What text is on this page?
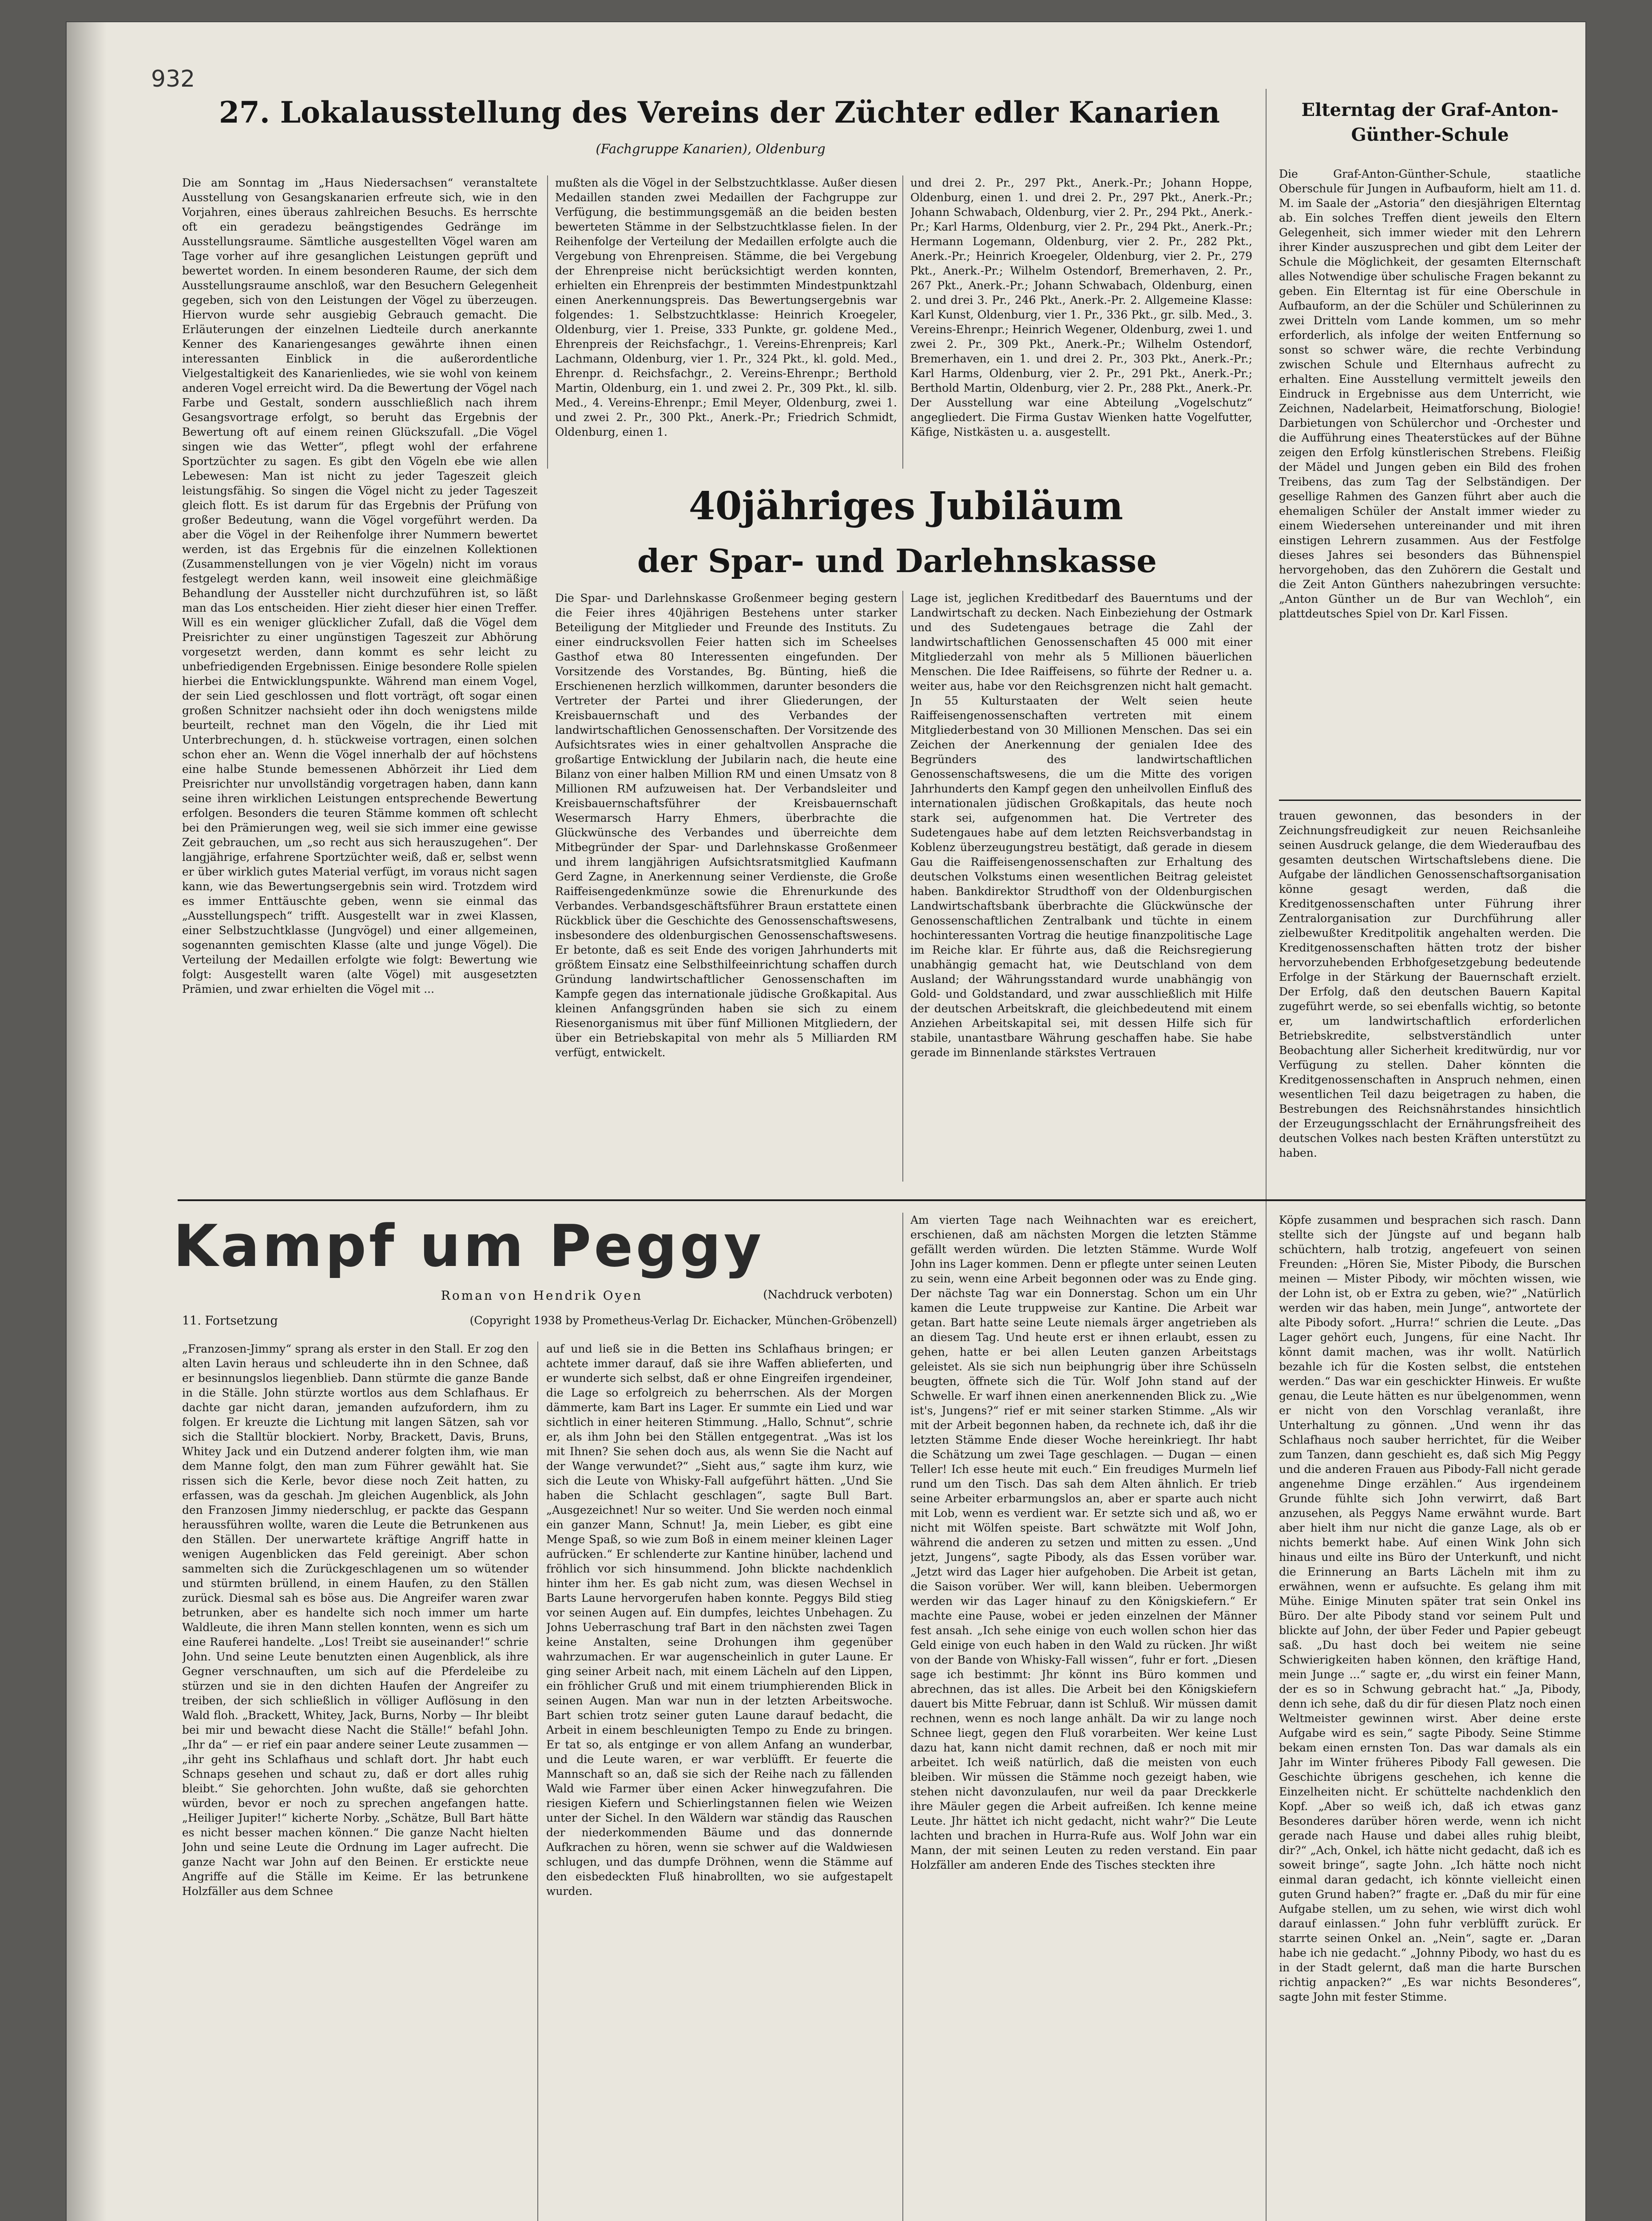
932
27. Lokalausstellung des Vereins der Züchter edler Kanarien
(Fachgruppe Kanarien), Oldenburg
Die am Sonntag im „Haus Niedersachsen“ veranstaltete Ausstellung von Gesangskanarien erfreute sich, wie in den Vorjahren, eines überaus zahlreichen Besuchs. Es herrschte oft ein geradezu beängstigendes Gedränge im Ausstellungsraume. Sämtliche ausgestellten Vögel waren am Tage vorher auf ihre gesanglichen Leistungen geprüft und bewertet worden. In einem besonderen Raume, der sich dem Ausstellungsraume anschloß, war den Besuchern Gelegenheit gegeben, sich von den Leistungen der Vögel zu überzeugen. Hiervon wurde sehr ausgiebig Gebrauch gemacht. Die Erläuterungen der einzelnen Liedteile durch anerkannte Kenner des Kanariengesanges gewährte ihnen einen interessanten Einblick in die außerordentliche Vielgestaltigkeit des Kanarienliedes, wie sie wohl von keinem anderen Vogel erreicht wird. Da die Bewertung der Vögel nach Farbe und Gestalt, sondern ausschließlich nach ihrem Gesangsvortrage erfolgt, so beruht das Ergebnis der Bewertung oft auf einem reinen Glückszufall. „Die Vögel singen wie das Wetter“, pflegt wohl der erfahrene Sportzüchter zu sagen. Es gibt den Vögeln ebe wie allen Lebewesen: Man ist nicht zu jeder Tageszeit gleich leistungsfähig. So singen die Vögel nicht zu jeder Tageszeit gleich flott. Es ist darum für das Ergebnis der Prüfung von großer Bedeutung, wann die Vögel vorgeführt werden. Da aber die Vögel in der Reihenfolge ihrer Nummern bewertet werden, ist das Ergebnis für die einzelnen Kollektionen (Zusammenstellungen von je vier Vögeln) nicht im voraus festgelegt werden kann, weil insoweit eine gleichmäßige Behandlung der Aussteller nicht durchzuführen ist, so läßt man das Los entscheiden. Hier zieht dieser hier einen Treffer. Will es ein weniger glücklicher Zufall, daß die Vögel dem Preisrichter zu einer ungünstigen Tageszeit zur Abhörung vorgesetzt werden, dann kommt es sehr leicht zu unbefriedigenden Ergebnissen. Einige besondere Rolle spielen hierbei die Entwicklungspunkte. Während man einem Vogel, der sein Lied geschlossen und flott vorträgt, oft sogar einen großen Schnitzer nachsieht oder ihn doch wenigstens milde beurteilt, rechnet man den Vögeln, die ihr Lied mit Unterbrechungen, d. h. stückweise vortragen, einen solchen schon eher an. Wenn die Vögel innerhalb der auf höchstens eine halbe Stunde bemessenen Abhörzeit ihr Lied dem Preisrichter nur unvollständig vorgetragen haben, dann kann seine ihren wirklichen Leistungen entsprechende Bewertung erfolgen. Besonders die teuren Stämme kommen oft schlecht bei den Prämierungen weg, weil sie sich immer eine gewisse Zeit gebrauchen, um „so recht aus sich herauszugehen“. Der langjährige, erfahrene Sportzüchter weiß, daß er, selbst wenn er über wirklich gutes Material verfügt, im voraus nicht sagen kann, wie das Bewertungsergebnis sein wird. Trotzdem wird es immer Enttäuschte geben, wenn sie einmal das „Ausstellungspech“ trifft. Ausgestellt war in zwei Klassen, einer Selbstzuchtklasse (Jungvögel) und einer allgemeinen, sogenannten gemischten Klasse (alte und junge Vögel). Die Verteilung der Medaillen erfolgte wie folgt: Bewertung wie folgt: Ausgestellt waren (alte Vögel) mit ausgesetzten Prämien, und zwar erhielten die Vögel mit ...
mußten als die Vögel in der Selbstzuchtklasse. Außer diesen Medaillen standen zwei Medaillen der Fachgruppe zur Verfügung, die bestimmungsgemäß an die beiden besten bewerteten Stämme in der Selbstzuchtklasse fielen. In der Reihenfolge der Verteilung der Medaillen erfolgte auch die Vergebung von Ehrenpreisen. Stämme, die bei Vergebung der Ehrenpreise nicht berücksichtigt werden konnten, erhielten ein Ehrenpreis der bestimmten Mindestpunktzahl einen Anerkennungspreis. Das Bewertungsergebnis war folgendes: 1. Selbstzuchtklasse: Heinrich Kroegeler, Oldenburg, vier 1. Preise, 333 Punkte, gr. goldene Med., Ehrenpreis der Reichsfachgr., 1. Vereins-Ehrenpreis; Karl Lachmann, Oldenburg, vier 1. Pr., 324 Pkt., kl. gold. Med., Ehrenpr. d. Reichsfachgr., 2. Vereins-Ehrenpr.; Berthold Martin, Oldenburg, ein 1. und zwei 2. Pr., 309 Pkt., kl. silb. Med., 4. Vereins-Ehrenpr.; Emil Meyer, Oldenburg, zwei 1. und zwei 2. Pr., 300 Pkt., Anerk.-Pr.; Friedrich Schmidt, Oldenburg, einen 1.
und drei 2. Pr., 297 Pkt., Anerk.-Pr.; Johann Hoppe, Oldenburg, einen 1. und drei 2. Pr., 297 Pkt., Anerk.-Pr.; Johann Schwabach, Oldenburg, vier 2. Pr., 294 Pkt., Anerk.-Pr.; Karl Harms, Oldenburg, vier 2. Pr., 294 Pkt., Anerk.-Pr.; Hermann Logemann, Oldenburg, vier 2. Pr., 282 Pkt., Anerk.-Pr.; Heinrich Kroegeler, Oldenburg, vier 2. Pr., 279 Pkt., Anerk.-Pr.; Wilhelm Ostendorf, Bremerhaven, 2. Pr., 267 Pkt., Anerk.-Pr.; Johann Schwabach, Oldenburg, einen 2. und drei 3. Pr., 246 Pkt., Anerk.-Pr. 2. Allgemeine Klasse: Karl Kunst, Oldenburg, vier 1. Pr., 336 Pkt., gr. silb. Med., 3. Vereins-Ehrenpr.; Heinrich Wegener, Oldenburg, zwei 1. und zwei 2. Pr., 309 Pkt., Anerk.-Pr.; Wilhelm Ostendorf, Bremerhaven, ein 1. und drei 2. Pr., 303 Pkt., Anerk.-Pr.; Karl Harms, Oldenburg, vier 2. Pr., 291 Pkt., Anerk.-Pr.; Berthold Martin, Oldenburg, vier 2. Pr., 288 Pkt., Anerk.-Pr. Der Ausstellung war eine Abteilung „Vogelschutz“ angegliedert. Die Firma Gustav Wienken hatte Vogelfutter, Käfige, Nistkästen u. a. ausgestellt.
Elterntag der Graf-Anton-Günther-Schule
Die Graf-Anton-Günther-Schule, staatliche Oberschule für Jungen in Aufbauform, hielt am 11. d. M. im Saale der „Astoria“ den diesjährigen Elterntag ab. Ein solches Treffen dient jeweils den Eltern Gelegenheit, sich immer wieder mit den Lehrern ihrer Kinder auszusprechen und gibt dem Leiter der Schule die Möglichkeit, der gesamten Elternschaft alles Notwendige über schulische Fragen bekannt zu geben. Ein Elterntag ist für eine Oberschule in Aufbauform, an der die Schüler und Schülerinnen zu zwei Dritteln vom Lande kommen, um so mehr erforderlich, als infolge der weiten Entfernung so sonst so schwer wäre, die rechte Verbindung zwischen Schule und Elternhaus aufrecht zu erhalten. Eine Ausstellung vermittelt jeweils den Eindruck in Ergebnisse aus dem Unterricht, wie Zeichnen, Nadelarbeit, Heimatforschung, Biologie! Darbietungen von Schülerchor und -Orchester und die Aufführung eines Theaterstückes auf der Bühne zeigen den Erfolg künstlerischen Strebens. Fleißig der Mädel und Jungen geben ein Bild des frohen Treibens, das zum Tag der Selbständigen. Der gesellige Rahmen des Ganzen führt aber auch die ehemaligen Schüler der Anstalt immer wieder zu einem Wiedersehen untereinander und mit ihren einstigen Lehrern zusammen. Aus der Festfolge dieses Jahres sei besonders das Bühnenspiel hervorgehoben, das den Zuhörern die Gestalt und die Zeit Anton Günthers nahezubringen versuchte: „Anton Günther un de Bur van Wechloh“, ein plattdeutsches Spiel von Dr. Karl Fissen.
40jähriges Jubiläum
der Spar- und Darlehnskasse
Die Spar- und Darlehnskasse Großenmeer beging gestern die Feier ihres 40jährigen Bestehens unter starker Beteiligung der Mitglieder und Freunde des Instituts. Zu einer eindrucksvollen Feier hatten sich im Scheelses Gasthof etwa 80 Interessenten eingefunden. Der Vorsitzende des Vorstandes, Bg. Bünting, hieß die Erschienenen herzlich willkommen, darunter besonders die Vertreter der Partei und ihrer Gliederungen, der Kreisbauernschaft und des Verbandes der landwirtschaftlichen Genossenschaften. Der Vorsitzende des Aufsichtsrates wies in einer gehaltvollen Ansprache die großartige Entwicklung der Jubilarin nach, die heute eine Bilanz von einer halben Million RM und einen Umsatz von 8 Millionen RM aufzuweisen hat. Der Verbandsleiter und Kreisbauernschaftsführer der Kreisbauernschaft Wesermarsch Harry Ehmers, überbrachte die Glückwünsche des Verbandes und überreichte dem Mitbegründer der Spar- und Darlehnskasse Großenmeer und ihrem langjährigen Aufsichtsratsmitglied Kaufmann Gerd Zagne, in Anerkennung seiner Verdienste, die Große Raiffeisengedenkmünze sowie die Ehrenurkunde des Verbandes. Verbandsgeschäftsführer Braun erstattete einen Rückblick über die Geschichte des Genossenschaftswesens, insbesondere des oldenburgischen Genossenschaftswesens. Er betonte, daß es seit Ende des vorigen Jahrhunderts mit größtem Einsatz eine Selbsthilfeeinrichtung schaffen durch Gründung landwirtschaftlicher Genossenschaften im Kampfe gegen das internationale jüdische Großkapital. Aus kleinen Anfangsgründen haben sie sich zu einem Riesenorganismus mit über fünf Millionen Mitgliedern, der über ein Betriebskapital von mehr als 5 Milliarden RM verfügt, entwickelt.
Lage ist, jeglichen Kreditbedarf des Bauerntums und der Landwirtschaft zu decken. Nach Einbeziehung der Ostmark und des Sudetengaues betrage die Zahl der landwirtschaftlichen Genossenschaften 45 000 mit einer Mitgliederzahl von mehr als 5 Millionen bäuerlichen Menschen. Die Idee Raiffeisens, so führte der Redner u. a. weiter aus, habe vor den Reichsgrenzen nicht halt gemacht. Jn 55 Kulturstaaten der Welt seien heute Raiffeisengenossenschaften vertreten mit einem Mitgliederbestand von 30 Millionen Menschen. Das sei ein Zeichen der Anerkennung der genialen Idee des Begründers des landwirtschaftlichen Genossenschaftswesens, die um die Mitte des vorigen Jahrhunderts den Kampf gegen den unheilvollen Einfluß des internationalen jüdischen Großkapitals, das heute noch stark sei, aufgenommen hat. Die Vertreter des Sudetengaues habe auf dem letzten Reichsverbandstag in Koblenz überzeugungstreu bestätigt, daß gerade in diesem Gau die Raiffeisengenossenschaften zur Erhaltung des deutschen Volkstums einen wesentlichen Beitrag geleistet haben. Bankdirektor Strudthoff von der Oldenburgischen Landwirtschaftsbank überbrachte die Glückwünsche der Genossenschaftlichen Zentralbank und tüchte in einem hochinteressanten Vortrag die heutige finanzpolitische Lage im Reiche klar. Er führte aus, daß die Reichsregierung unabhängig gemacht hat, wie Deutschland von dem Ausland; der Währungsstandard wurde unabhängig von Gold- und Goldstandard, und zwar ausschließlich mit Hilfe der deutschen Arbeitskraft, die gleichbedeutend mit einem Anziehen Arbeitskapital sei, mit dessen Hilfe sich für stabile, unantastbare Währung geschaffen habe. Sie habe gerade im Binnenlande stärkstes Vertrauen
trauen gewonnen, das besonders in der Zeichnungsfreudigkeit zur neuen Reichsanleihe seinen Ausdruck gelange, die dem Wiederaufbau des gesamten deutschen Wirtschaftslebens diene. Die Aufgabe der ländlichen Genossenschaftsorganisation könne gesagt werden, daß die Kreditgenossenschaften unter Führung ihrer Zentralorganisation zur Durchführung aller zielbewußter Kreditpolitik angehalten werden. Die Kreditgenossenschaften hätten trotz der bisher hervorzuhebenden Erbhofgesetzgebung bedeutende Erfolge in der Stärkung der Bauernschaft erzielt. Der Erfolg, daß den deutschen Bauern Kapital zugeführt werde, so sei ebenfalls wichtig, so betonte er, um landwirtschaftlich erforderlichen Betriebskredite, selbstverständlich unter Beobachtung aller Sicherheit kreditwürdig, nur vor Verfügung zu stellen. Daher könnten die Kreditgenossenschaften in Anspruch nehmen, einen wesentlichen Teil dazu beigetragen zu haben, die Bestrebungen des Reichsnährstandes hinsichtlich der Erzeugungsschlacht der Ernährungsfreiheit des deutschen Volkes nach besten Kräften unterstützt zu haben.
Kampf um Peggy
Roman von Hendrik Oyen	(Nachdruck verboten)
11. Fortsetzung	(Copyright 1938 by Prometheus-Verlag Dr. Eichacker, München-Gröbenzell)
„Franzosen-Jimmy“ sprang als erster in den Stall. Er zog den alten Lavin heraus und schleuderte ihn in den Schnee, daß er besinnungslos liegenblieb. Dann stürmte die ganze Bande in die Ställe. John stürzte wortlos aus dem Schlafhaus. Er dachte gar nicht daran, jemanden aufzufordern, ihm zu folgen. Er kreuzte die Lichtung mit langen Sätzen, sah vor sich die Stalltür blockiert. Norby, Brackett, Davis, Bruns, Whitey Jack und ein Dutzend anderer folgten ihm, wie man dem Manne folgt, den man zum Führer gewählt hat. Sie rissen sich die Kerle, bevor diese noch Zeit hatten, zu erfassen, was da geschah. Jm gleichen Augenblick, als John den Franzosen Jimmy niederschlug, er packte das Gespann heraussführen wollte, waren die Leute die Betrunkenen aus den Ställen. Der unerwartete kräftige Angriff hatte in wenigen Augenblicken das Feld gereinigt. Aber schon sammelten sich die Zurückgeschlagenen um so wütender und stürmten brüllend, in einem Haufen, zu den Ställen zurück. Diesmal sah es böse aus. Die Angreifer waren zwar betrunken, aber es handelte sich noch immer um harte Waldleute, die ihren Mann stellen konnten, wenn es sich um eine Rauferei handelte. „Los! Treibt sie auseinander!“ schrie John. Und seine Leute benutzten einen Augenblick, als ihre Gegner verschnauften, um sich auf die Pferdeleibe zu stürzen und sie in den dichten Haufen der Angreifer zu treiben, der sich schließlich in völliger Auflösung in den Wald floh. „Brackett, Whitey, Jack, Burns, Norby — Ihr bleibt bei mir und bewacht diese Nacht die Ställe!“ befahl John. „Ihr da“ — er rief ein paar andere seiner Leute zusammen — „ihr geht ins Schlafhaus und schlaft dort. Jhr habt euch Schnaps gesehen und schaut zu, daß er dort alles ruhig bleibt.“ Sie gehorchten. John wußte, daß sie gehorchten würden, bevor er noch zu sprechen angefangen hatte. „Heiliger Jupiter!“ kicherte Norby. „Schätze, Bull Bart hätte es nicht besser machen können.“ Die ganze Nacht hielten John und seine Leute die Ordnung im Lager aufrecht. Die ganze Nacht war John auf den Beinen. Er erstickte neue Angriffe auf die Ställe im Keime. Er las betrunkene Holzfäller aus dem Schnee
auf und ließ sie in die Betten ins Schlafhaus bringen; er achtete immer darauf, daß sie ihre Waffen ablieferten, und er wunderte sich selbst, daß er ohne Eingreifen irgendeiner, die Lage so erfolgreich zu beherrschen. Als der Morgen dämmerte, kam Bart ins Lager. Er summte ein Lied und war sichtlich in einer heiteren Stimmung. „Hallo, Schnut“, schrie er, als ihm John bei den Ställen entgegentrat. „Was ist los mit Ihnen? Sie sehen doch aus, als wenn Sie die Nacht auf der Wange verwundet?“ „Sieht aus,“ sagte ihm kurz, wie sich die Leute von Whisky-Fall aufgeführt hätten. „Und Sie haben die Schlacht geschlagen“, sagte Bull Bart. „Ausgezeichnet! Nur so weiter. Und Sie werden noch einmal ein ganzer Mann, Schnut! Ja, mein Lieber, es gibt eine Menge Spaß, so wie zum Boß in einem meiner kleinen Lager aufrücken.“ Er schlenderte zur Kantine hinüber, lachend und fröhlich vor sich hinsummend. John blickte nachdenklich hinter ihm her. Es gab nicht zum, was diesen Wechsel in Barts Laune hervorgerufen haben konnte. Peggys Bild stieg vor seinen Augen auf. Ein dumpfes, leichtes Unbehagen. Zu Johns Ueberraschung traf Bart in den nächsten zwei Tagen keine Anstalten, seine Drohungen ihm gegenüber wahrzumachen. Er war augenscheinlich in guter Laune. Er ging seiner Arbeit nach, mit einem Lächeln auf den Lippen, ein fröhlicher Gruß und mit einem triumphierenden Blick in seinen Augen. Man war nun in der letzten Arbeitswoche. Bart schien trotz seiner guten Laune darauf bedacht, die Arbeit in einem beschleunigten Tempo zu Ende zu bringen. Er tat so, als entginge er von allem Anfang an wunderbar, und die Leute waren, er war verblüfft. Er feuerte die Mannschaft so an, daß sie sich der Reihe nach zu fällenden Wald wie Farmer über einen Acker hinwegzufahren. Die riesigen Kiefern und Schierlingstannen fielen wie Weizen unter der Sichel. In den Wäldern war ständig das Rauschen der niederkommenden Bäume und das donnernde Aufkrachen zu hören, wenn sie schwer auf die Waldwiesen schlugen, und das dumpfe Dröhnen, wenn die Stämme auf den eisbedeckten Fluß hinabrollten, wo sie aufgestapelt wurden.
Am vierten Tage nach Weihnachten war es ereichert, erschienen, daß am nächsten Morgen die letzten Stämme gefällt werden würden. Die letzten Stämme. Wurde Wolf John ins Lager kommen. Denn er pflegte unter seinen Leuten zu sein, wenn eine Arbeit begonnen oder was zu Ende ging. Der nächste Tag war ein Donnerstag. Schon um ein Uhr kamen die Leute truppweise zur Kantine. Die Arbeit war getan. Bart hatte seine Leute niemals ärger angetrieben als an diesem Tag. Und heute erst er ihnen erlaubt, essen zu gehen, hatte er bei allen Leuten ganzen Arbeitstags geleistet. Als sie sich nun beiphungrig über ihre Schüsseln beugten, öffnete sich die Tür. Wolf John stand auf der Schwelle. Er warf ihnen einen anerkennenden Blick zu. „Wie ist's, Jungens?“ rief er mit seiner starken Stimme. „Als wir mit der Arbeit begonnen haben, da rechnete ich, daß ihr die letzten Stämme Ende dieser Woche hereinkriegt. Ihr habt die Schätzung um zwei Tage geschlagen. — Dugan — einen Teller! Ich esse heute mit euch.“ Ein freudiges Murmeln lief rund um den Tisch. Das sah dem Alten ähnlich. Er trieb seine Arbeiter erbarmungslos an, aber er sparte auch nicht mit Lob, wenn es verdient war. Er setzte sich und aß, wo er nicht mit Wölfen speiste. Bart schwätzte mit Wolf John, während die anderen zu setzen und mitten zu essen. „Und jetzt, Jungens“, sagte Pibody, als das Essen vorüber war. „Jetzt wird das Lager hier aufgehoben. Die Arbeit ist getan, die Saison vorüber. Wer will, kann bleiben. Uebermorgen werden wir das Lager hinauf zu den Königskiefern.“ Er machte eine Pause, wobei er jeden einzelnen der Männer fest ansah. „Ich sehe einige von euch wollen schon hier das Geld einige von euch haben in den Wald zu rücken. Jhr wißt von der Bande von Whisky-Fall wissen“, fuhr er fort. „Diesen sage ich bestimmt: Jhr könnt ins Büro kommen und abrechnen, das ist alles. Die Arbeit bei den Königskiefern dauert bis Mitte Februar, dann ist Schluß. Wir müssen damit rechnen, wenn es noch lange anhält. Da wir zu lange noch Schnee liegt, gegen den Fluß vorarbeiten. Wer keine Lust dazu hat, kann nicht damit rechnen, daß er noch mit mir arbeitet. Ich weiß natürlich, daß die meisten von euch bleiben. Wir müssen die Stämme noch gezeigt haben, wie stehen nicht davonzulaufen, nur weil da paar Dreckkerle ihre Mäuler gegen die Arbeit aufreißen. Ich kenne meine Leute. Jhr hättet ich nicht gedacht, nicht wahr?“ Die Leute lachten und brachen in Hurra-Rufe aus. Wolf John war ein Mann, der mit seinen Leuten zu reden verstand. Ein paar Holzfäller am anderen Ende des Tisches steckten ihre
Köpfe zusammen und besprachen sich rasch. Dann stellte sich der Jüngste auf und begann halb schüchtern, halb trotzig, angefeuert von seinen Freunden: „Hören Sie, Mister Pibody, die Burschen meinen — Mister Pibody, wir möchten wissen, wie der Lohn ist, ob er Extra zu geben, wie?“ „Natürlich werden wir das haben, mein Junge“, antwortete der alte Pibody sofort. „Hurra!“ schrien die Leute. „Das Lager gehört euch, Jungens, für eine Nacht. Ihr könnt damit machen, was ihr wollt. Natürlich bezahle ich für die Kosten selbst, die entstehen werden.“ Das war ein geschickter Hinweis. Er wußte genau, die Leute hätten es nur übelgenommen, wenn er nicht von den Vorschlag veranlaßt, ihre Unterhaltung zu gönnen. „Und wenn ihr das Schlafhaus noch sauber herrichtet, für die Weiber zum Tanzen, dann geschieht es, daß sich Mig Peggy und die anderen Frauen aus Pibody-Fall nicht gerade angenehme Dinge erzählen.“ Aus irgendeinem Grunde fühlte sich John verwirrt, daß Bart anzusehen, als Peggys Name erwähnt wurde. Bart aber hielt ihm nur nicht die ganze Lage, als ob er nichts bemerkt habe. Auf einen Wink John sich hinaus und eilte ins Büro der Unterkunft, und nicht die Erinnerung an Barts Lächeln mit ihm zu erwähnen, wenn er aufsuchte. Es gelang ihm mit Mühe. Einige Minuten später trat sein Onkel ins Büro. Der alte Pibody stand vor seinem Pult und blickte auf John, der über Feder und Papier gebeugt saß. „Du hast doch bei weitem nie seine Schwierigkeiten haben können, den kräftige Hand, mein Junge ...“ sagte er, „du wirst ein feiner Mann, der es so in Schwung gebracht hat.“ „Ja, Pibody, denn ich sehe, daß du dir für diesen Platz noch einen Weltmeister gewinnen wirst. Aber deine erste Aufgabe wird es sein,“ sagte Pibody. Seine Stimme bekam einen ernsten Ton. Das war damals als ein Jahr im Winter früheres Pibody Fall gewesen. Die Geschichte übrigens geschehen, ich kenne die Einzelheiten nicht. Er schüttelte nachdenklich den Kopf. „Aber so weiß ich, daß ich etwas ganz Besonderes darüber hören werde, wenn ich nicht gerade nach Hause und dabei alles ruhig bleibt, dir?“ „Ach, Onkel, ich hätte nicht gedacht, daß ich es soweit bringe“, sagte John. „Ich hätte noch nicht einmal daran gedacht, ich könnte vielleicht einen guten Grund haben?“ fragte er. „Daß du mir für eine Aufgabe stellen, um zu sehen, wie wirst dich wohl darauf einlassen.“ John fuhr verblüfft zurück. Er starrte seinen Onkel an. „Nein“, sagte er. „Daran habe ich nie gedacht.“ „Johnny Pibody, wo hast du es in der Stadt gelernt, daß man die harte Burschen richtig anpacken?“ „Es war nichts Besonderes“, sagte John mit fester Stimme.
